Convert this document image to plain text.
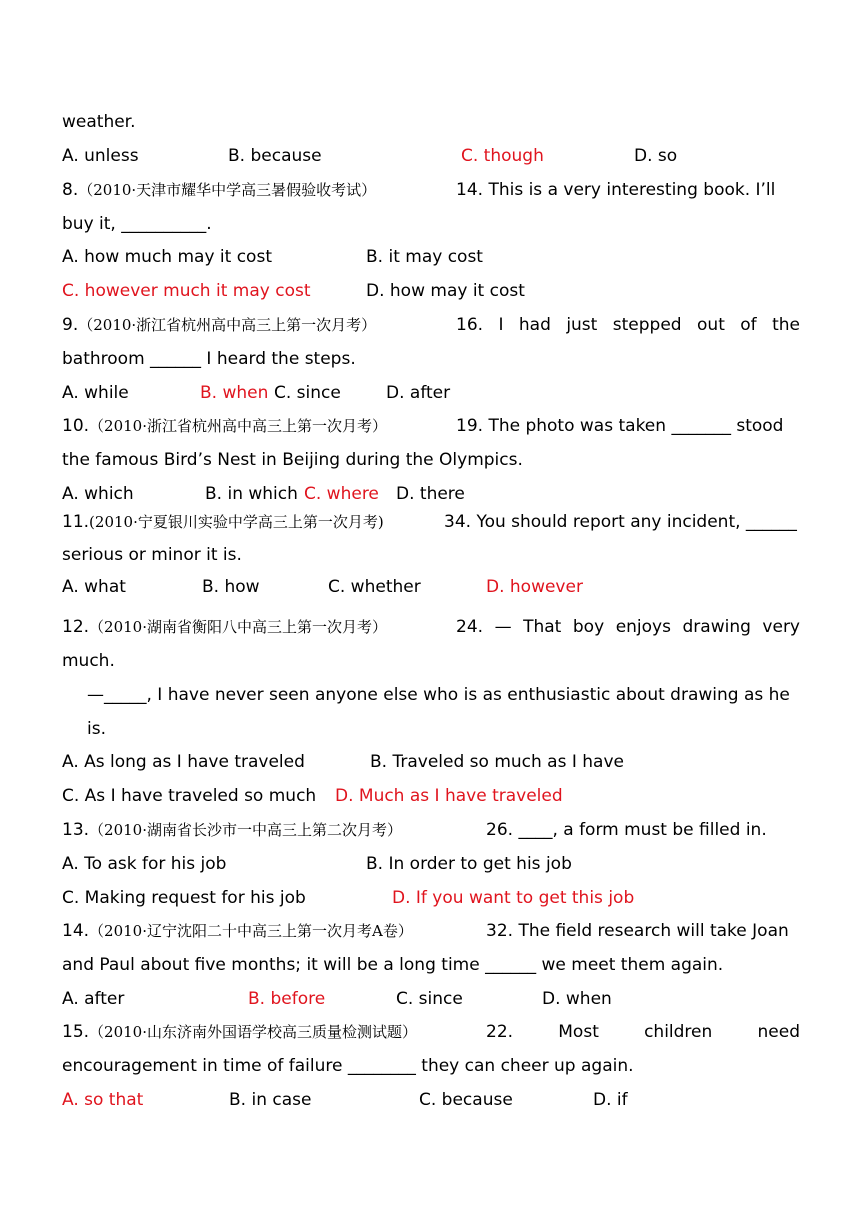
weather.
A. unless	B. because	C. though	D. so
8.（2010·天津市耀华中学高三暑假验收考试）	14. This is a very interesting book. I’ll
buy it, __________.
A. how much may it cost	B. it may cost
C. however much it may cost	D. how may it cost
9.（2010·浙江省杭州高中高三上第一次月考）	16. I had just stepped out of the
bathroom ______ I heard the steps.
A. while	B. when C. since	D. after
10.（2010·浙江省杭州高中高三上第一次月考）	19. The photo was taken _______ stood
the famous Bird’s Nest in Beijing during the Olympics.
A. which	B. in which C. where D. there
11.(2010·宁夏银川实验中学高三上第一次月考)	34. You should report any incident, ______
serious or minor it is.
A. what	B. how	C. whether	D. however
12.（2010·湖南省衡阳八中高三上第一次月考）	24. — That boy enjoys drawing very
much.
—_____, I have never seen anyone else who is as enthusiastic about drawing as he
is.
A. As long as I have traveled	B. Traveled so much as I have
C. As I have traveled so much D. Much as I have traveled
13.（2010·湖南省长沙市一中高三上第二次月考）	26. ____, a form must be filled in.
A. To ask for his job	B. In order to get his job
C. Making request for his job	D. If you want to get this job
14.（2010·辽宁沈阳二十中高三上第一次月考A卷）	32. The field research will take Joan
and Paul about five months; it will be a long time ______ we meet them again.
A. after	B. before	C. since	D. when
15.（2010·山东济南外国语学校高三质量检测试题）	22.	Most	children	need
encouragement in time of failure ________ they can cheer up again.
A. so that	B. in case	C. because	D. if
